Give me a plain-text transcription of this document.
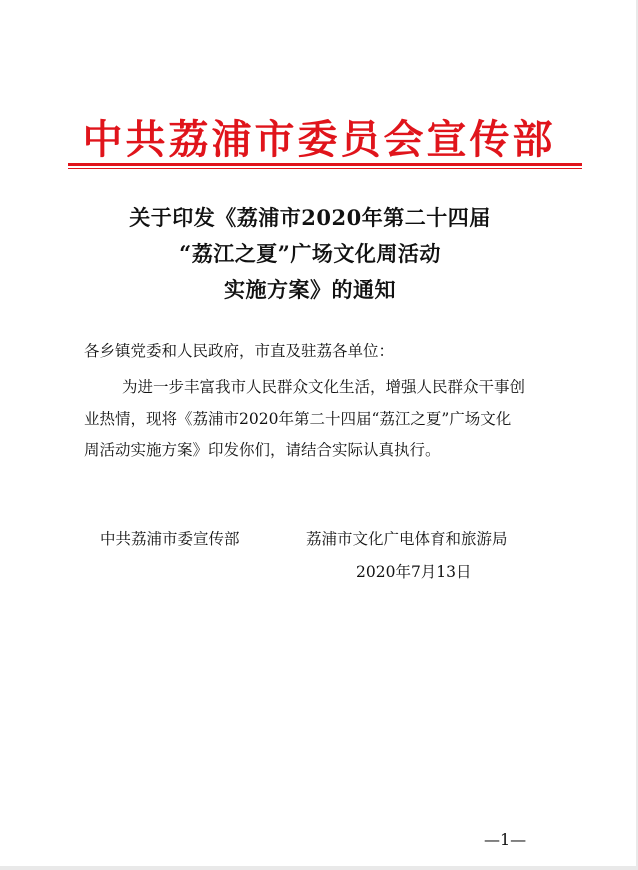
中共荔浦市委员会宣传部
关于印发《荔浦市2020年第二十四届
“荔江之夏”广场文化周活动
实施方案》的通知
各乡镇党委和人民政府，市直及驻荔各单位：
为进一步丰富我市人民群众文化生活，增强人民群众干事创
业热情，现将《荔浦市2020年第二十四届“荔江之夏”广场文化
周活动实施方案》印发你们，请结合实际认真执行。
中共荔浦市委宣传部	荔浦市文化广电体育和旅游局
2020年7月13日
—1—
